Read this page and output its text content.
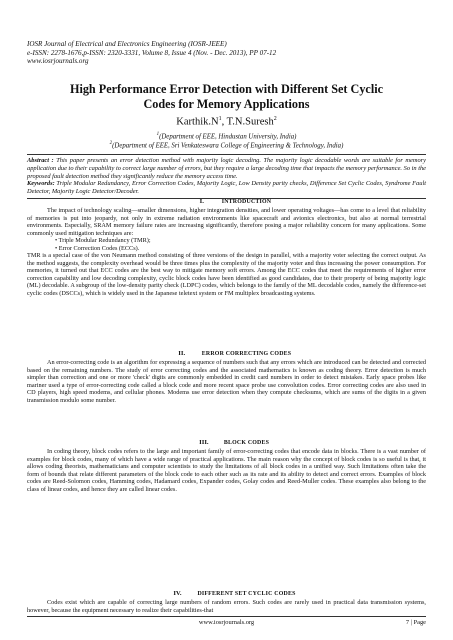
IOSR Journal of Electrical and Electronics Engineering (IOSR-JEEE)
e-ISSN: 2278-1676,p-ISSN: 2320-3331, Volume 8, Issue 4 (Nov. - Dec. 2013), PP 07-12
www.iosrjournals.org
High Performance Error Detection with Different Set Cyclic
Codes for Memory Applications
$Karthik.N^1$, T.N.Suresh$^2$
$^1$(Department of EEE, Hindustan University, India)
$^2$(Department of EEE, Sri Venkateswara College of Engineering & Technology, India)
Abstract : This paper presents an error detection method with majority logic decoding. The majority logic decodable words are suitable for memory application due to their capability to correct large number of errors, but they require a large decoding time that impacts the memory performance. So in the proposed fault detection method they significantly reduce the memory access time.
Keywords: Triple Modular Redundancy, Error Correction Codes, Majority Logic, Low Density parity checks, Difference Set Cyclic Codes, Syndrome Fault Detector, Majority Logic Detector/Decoder.
I.	INTRODUCTION

The impact of technology scaling—smaller dimensions, higher integration densities, and lower operating voltages—has come to a level that reliability of memories is put into jeopardy, not only in extreme radiation environments like spacecraft and avionics electronics, but also at normal terrestrial environments. Especially, SRAM memory failure rates are increasing significantly, therefore posing a major reliability concern for many applications. Some commonly used mitigation techniques are:

• Triple Modular Redundancy (TMR);

• Error Correction Codes (ECCs).

TMR is a special case of the von Neumann method consisting of three versions of the design in parallel, with a majority voter selecting the correct output. As the method suggests, the complexity overhead would be three times plus the complexity of the majority voter and thus increasing the power consumption. For memories, it turned out that ECC codes are the best way to mitigate memory soft errors. Among the ECC codes that meet the requirements of higher error correction capability and low decoding complexity, cyclic block codes have been identified as good candidates, due to their property of being majority logic (ML) decodable. A subgroup of the low-density parity check (LDPC) codes, which belongs to the family of the ML decodable codes, namely the difference-set cyclic codes (DSCCs), which is widely used in the Japanese teletext system or FM multiplex broadcasting systems.

II.	ERROR CORRECTING CODES

An error-correcting code is an algorithm for expressing a sequence of numbers such that any errors which are introduced can be detected and corrected based on the remaining numbers. The study of error correcting codes and the associated mathematics is known as coding theory. Error detection is much simpler than correction and one or more 'check' digits are commonly embedded in credit card numbers in order to detect mistakes. Early space probes like mariner used a type of error-correcting code called a block code and more recent space probe use convolution codes. Error correcting codes are also used in CD players, high speed modems, and cellular phones. Modems use error detection when they compute checksums, which are sums of the digits in a given transmission modulo some number.

III.	BLOCK CODES

In coding theory, block codes refers to the large and important family of error-correcting codes that encode data in blocks. There is a vast number of examples for block codes, many of which have a wide range of practical applications. The main reason why the concept of block codes is so useful is that, it allows coding theorists, mathematicians and computer scientists to study the limitations of all block codes in a unified way. Such limitations often take the form of bounds that relate different parameters of the block code to each other such as its rate and its ability to detect and correct errors. Examples of block codes are Reed-Solomon codes, Hamming codes, Hadamard codes, Expander codes, Golay codes and Reed-Muller codes. These examples also belong to the class of linear codes, and hence they are called linear codes.

IV.	DIFFERENT SET CYCLIC CODES

Codes exist which are capable of correcting large numbers of random errors. Such codes are rarely used in practical data transmission systems, however, because the equipment necessary to realize their capabilities-that

www.iosrjournals.org	7 | Page
